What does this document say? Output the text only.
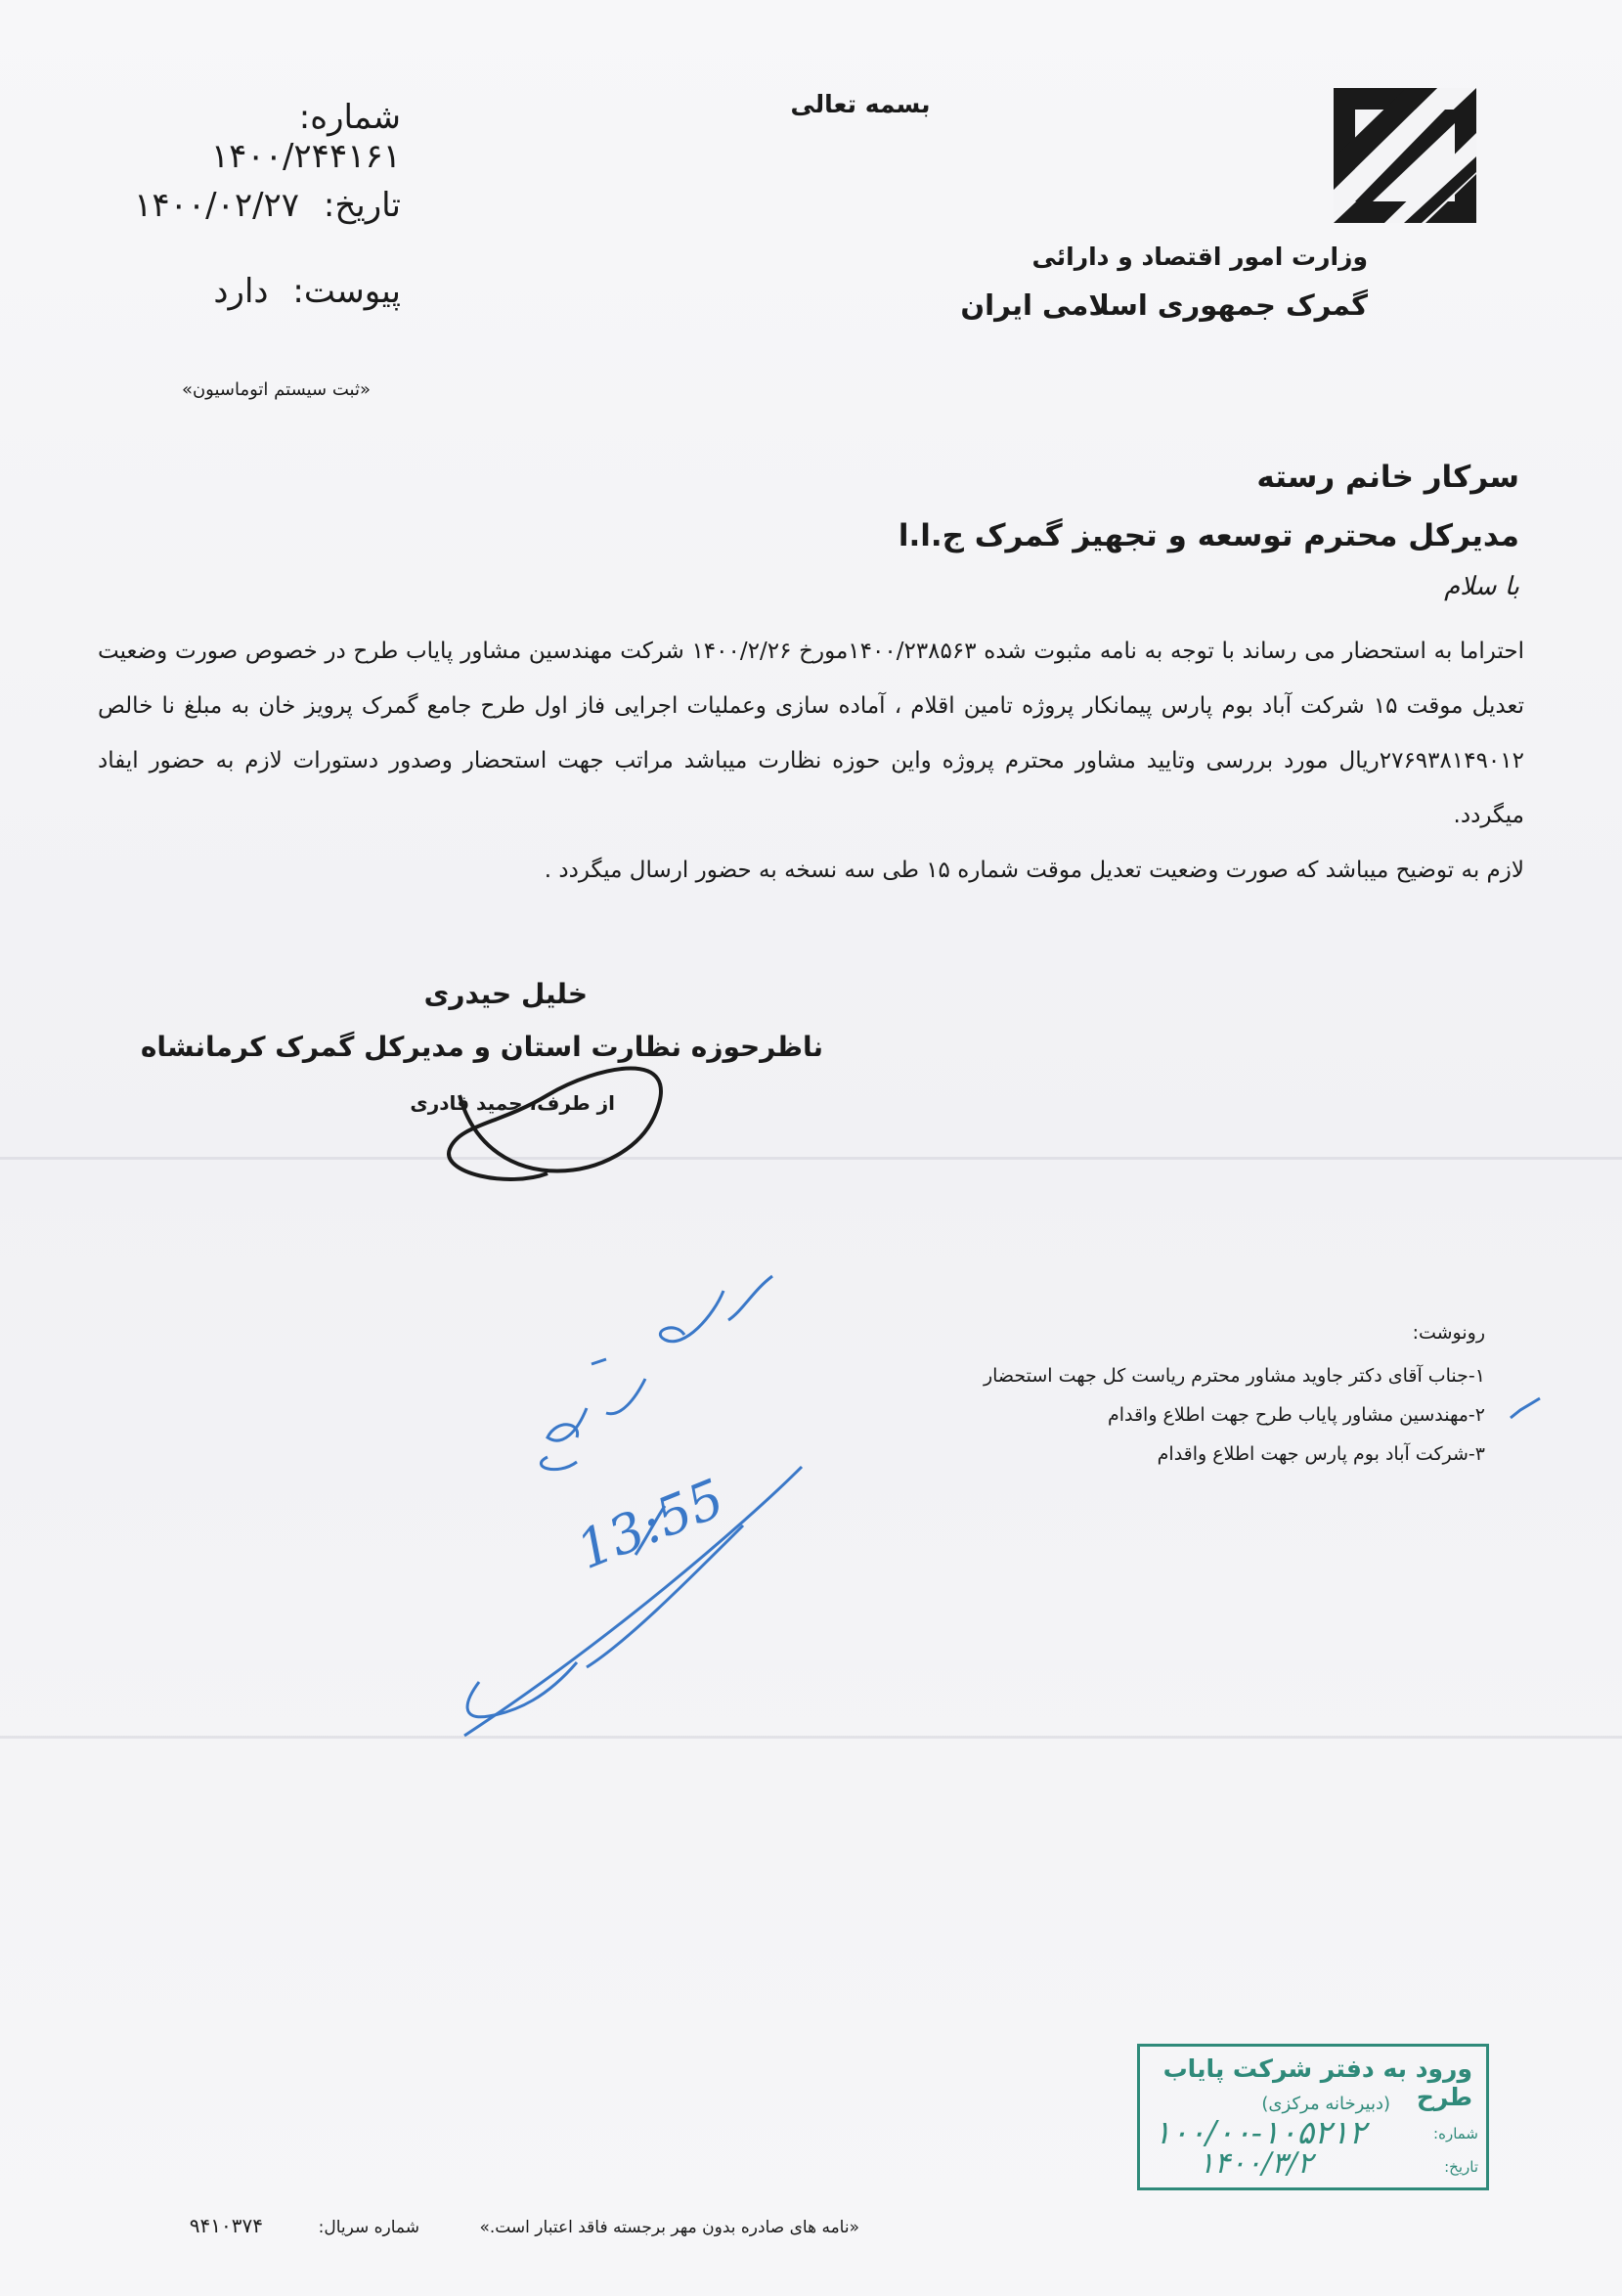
وزارت امور اقتصاد و دارائی
گمرک جمهوری اسلامی ایران
بسمه تعالی
شماره: ۱۴۰۰/۲۴۴۱۶۱
تاریخ: ۱۴۰۰/۰۲/۲۷
پیوست: دارد
«ثبت سیستم اتوماسیون»
سرکار خانم رسته
مدیرکل محترم توسعه و تجهیز گمرک ج.ا.ا
با سلام

احتراما به استحضار می رساند با توجه به نامه مثبوت شده ۱۴۰۰/۲۳۸۵۶۳مورخ ۱۴۰۰/۲/۲۶ شرکت مهندسین مشاور پایاب طرح در خصوص صورت وضعیت تعدیل موقت ۱۵ شرکت آباد بوم پارس پیمانکار پروژه تامین اقلام ، آماده سازی وعملیات اجرایی فاز اول طرح جامع گمرک پرویز خان به مبلغ نا خالص ۲۷۶۹۳۸۱۴۹۰۱۲ریال مورد بررسی وتایید مشاور محترم پروژه واین حوزه نظارت میباشد مراتب جهت استحضار وصدور دستورات لازم به حضور ایفاد میگردد.

لازم به توضیح میباشد که صورت وضعیت تعدیل موقت شماره ۱۵ طی سه نسخه به حضور ارسال میگردد .

خلیل حیدری
ناظرحوزه نظارت استان و مدیرکل گمرک کرمانشاه
از طرف، حمید قادری
رونوشت:
۱-جناب آقای دکتر جاوید مشاور محترم ریاست کل جهت استحضار
۲-مهندسین مشاور پایاب طرح جهت اطلاع واقدام
۳-شرکت آباد بوم پارس جهت اطلاع واقدام
13:55
ورود به دفتر شرکت پایاب طرح
(دبیرخانه مرکزی)
شماره:
تاریخ:
۱۰۰/۰۰-۱۰۵۲۱۲
۱۴۰۰/۳/۲
«نامه های صادره بدون مهر برجسته فاقد اعتبار است.»
شماره سریال:
۹۴۱۰۳۷۴
